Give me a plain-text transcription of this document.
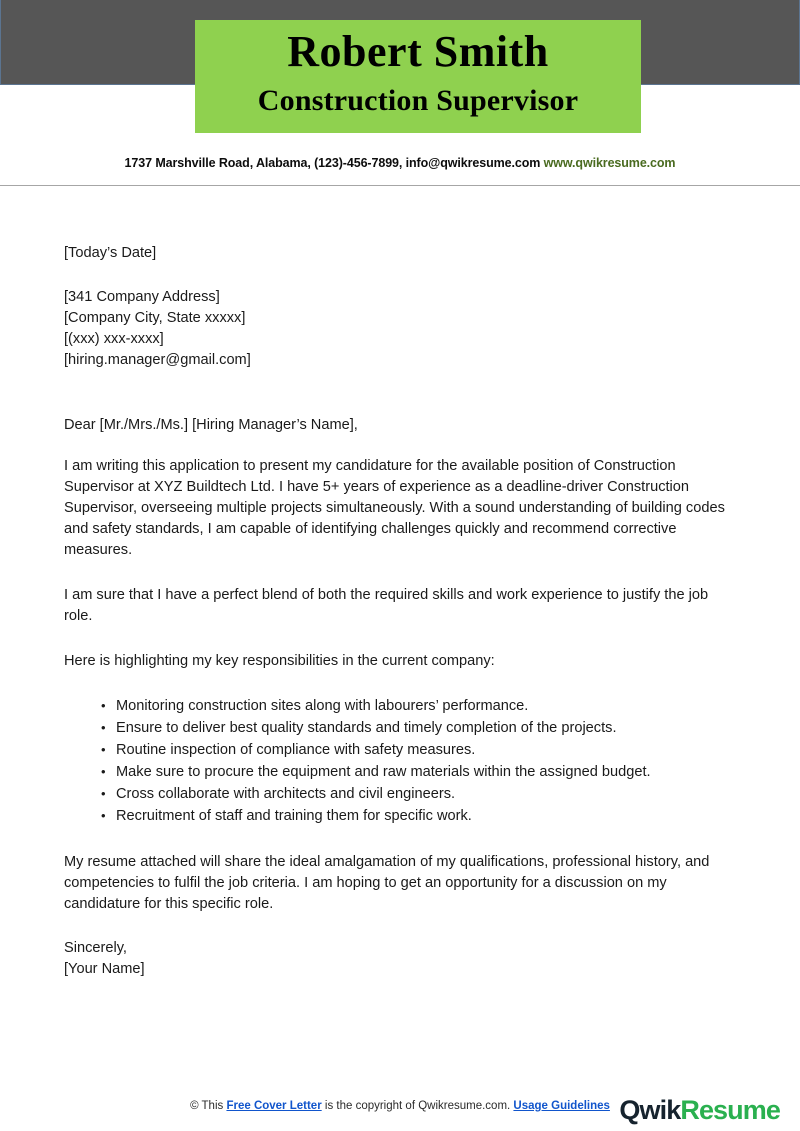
Robert Smith
Construction Supervisor
1737 Marshville Road, Alabama, (123)-456-7899, info@qwikresume.com www.qwikresume.com
[Today’s Date]
[341 Company Address]
[Company City, State xxxxx]
[(xxx) xxx-xxxx]
[hiring.manager@gmail.com]
Dear [Mr./Mrs./Ms.] [Hiring Manager’s Name],
I am writing this application to present my candidature for the available position of Construction Supervisor at XYZ Buildtech Ltd. I have 5+ years of experience as a deadline-driver Construction Supervisor, overseeing multiple projects simultaneously. With a sound understanding of building codes and safety standards, I am capable of identifying challenges quickly and recommend corrective measures.
I am sure that I have a perfect blend of both the required skills and work experience to justify the job role.
Here is highlighting my key responsibilities in the current company:
• Monitoring construction sites along with labourers’ performance.
• Ensure to deliver best quality standards and timely completion of the projects.
• Routine inspection of compliance with safety measures.
• Make sure to procure the equipment and raw materials within the assigned budget.
• Cross collaborate with architects and civil engineers.
• Recruitment of staff and training them for specific work.
My resume attached will share the ideal amalgamation of my qualifications, professional history, and competencies to fulfil the job criteria. I am hoping to get an opportunity for a discussion on my candidature for this specific role.
Sincerely,
[Your Name]
© This Free Cover Letter is the copyright of Qwikresume.com. Usage Guidelines QwikResume
